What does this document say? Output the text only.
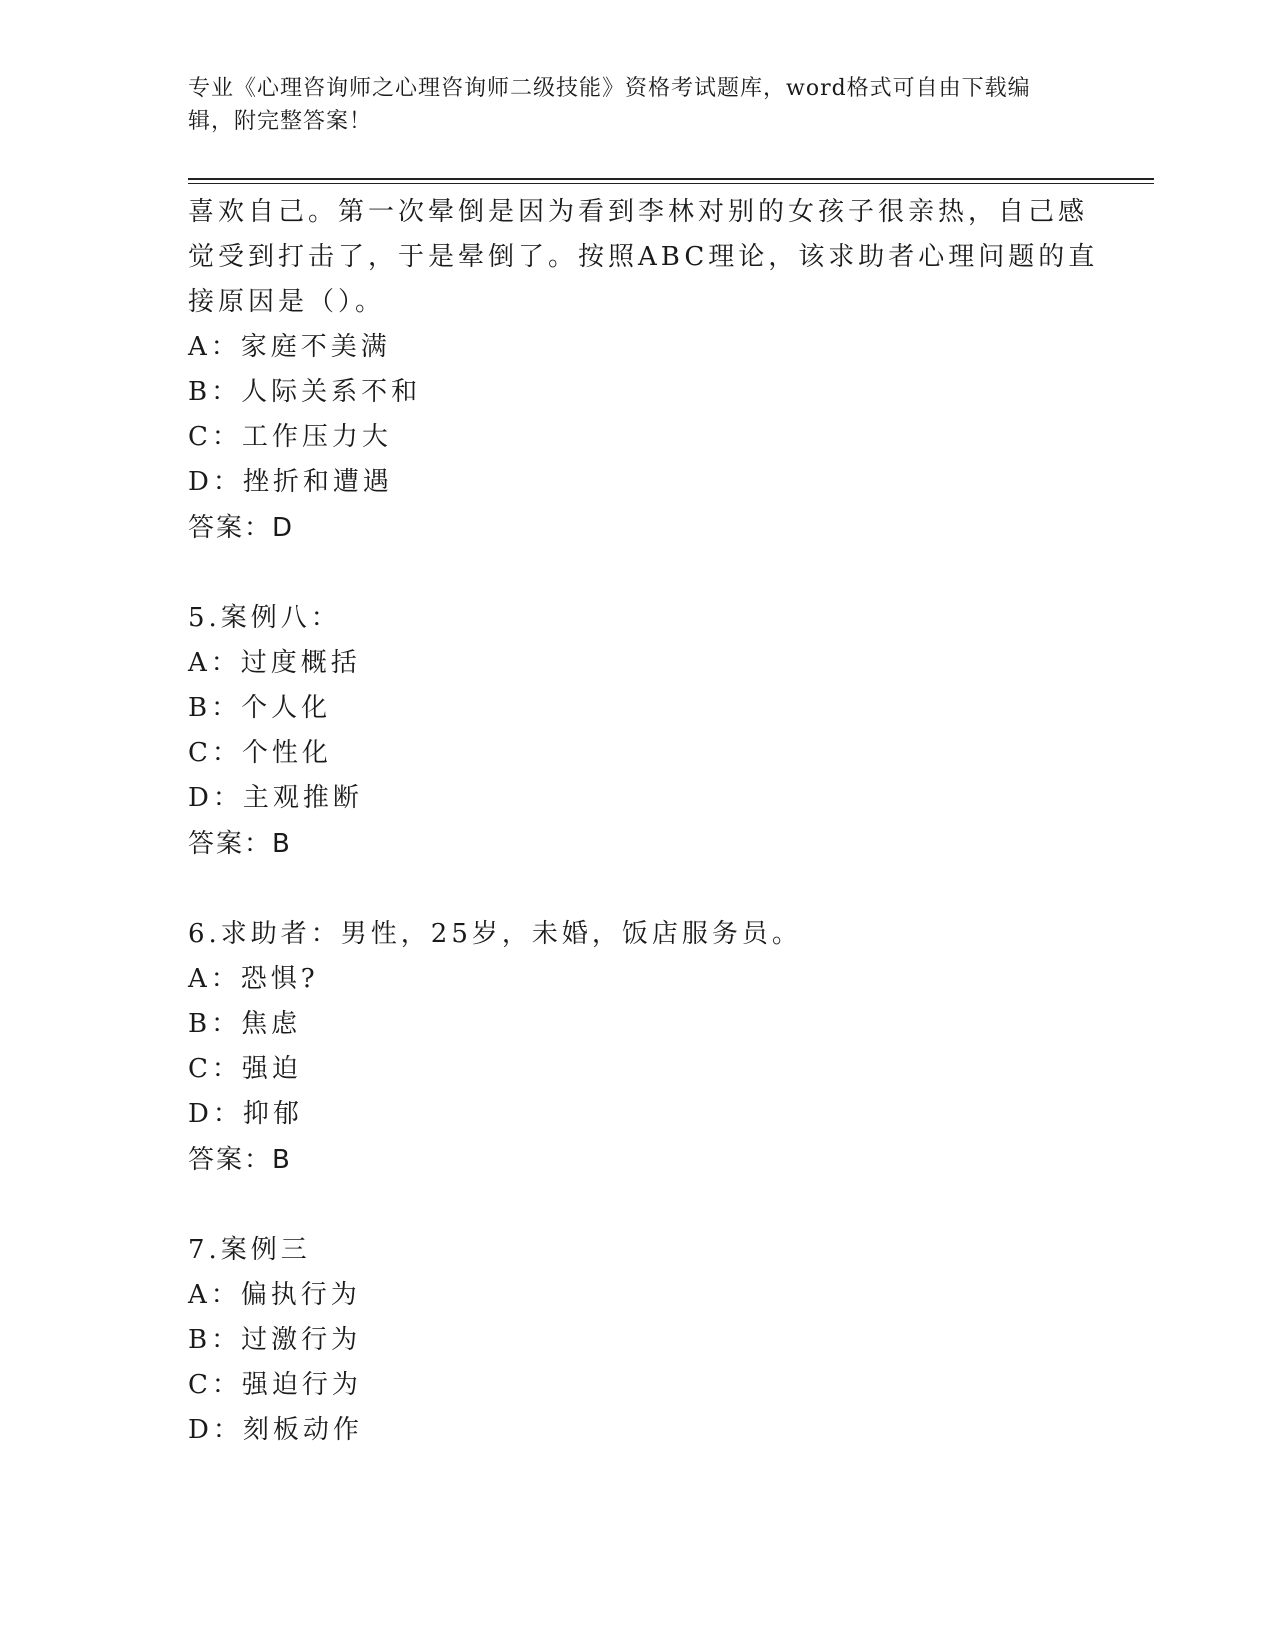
专业《心理咨询师之心理咨询师二级技能》资格考试题库，word格式可自由下载编辑，附完整答案！
喜欢自己。第一次晕倒是因为看到李林对别的女孩子很亲热，自己感
觉受到打击了，于是晕倒了。按照ABC理论，该求助者心理问题的直
接原因是（）。
A：家庭不美满
B：人际关系不和
C：工作压力大
D：挫折和遭遇
答案：D
5.案例八：
A：过度概括
B：个人化
C：个性化
D：主观推断
答案：B
6.求助者：男性，25岁，未婚，饭店服务员。
A：恐惧?
B：焦虑
C：强迫
D：抑郁
答案：B
7.案例三
A：偏执行为
B：过激行为
C：强迫行为
D：刻板动作
